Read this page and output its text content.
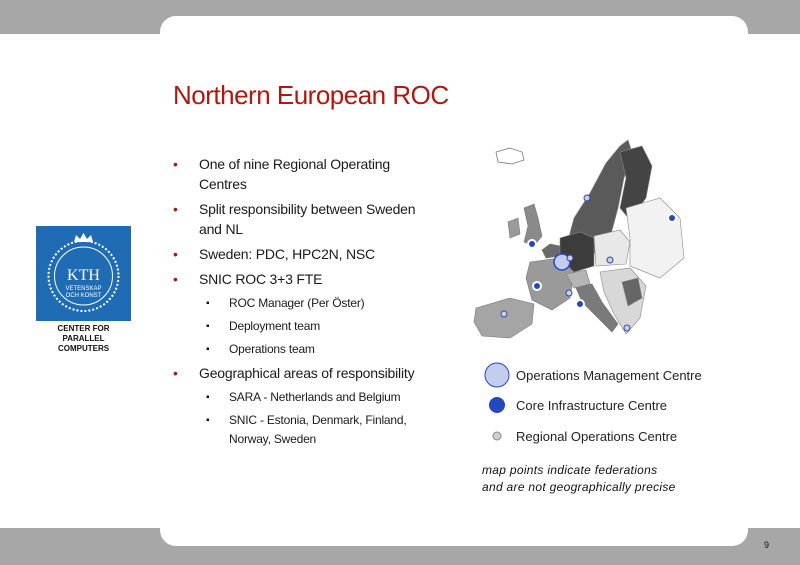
Northern European ROC
• One of nine Regional Operating Centres
• Split responsibility between Sweden and NL
• Sweden: PDC, HPC2N, NSC
• SNIC ROC 3+3 FTE
▪ ROC Manager (Per Öster)
▪ Deployment team
▪ Operations team
• Geographical areas of responsibility
▪ SARA - Netherlands and Belgium
▪ SNIC - Estonia, Denmark, Finland, Norway, Sweden
KTH
VETENSKAP
OCH KONST
CENTER FOR PARALLEL COMPUTERS
Operations Management Centre
Core Infrastructure Centre
Regional Operations Centre
map points indicate federations
and are not geographically precise
9
